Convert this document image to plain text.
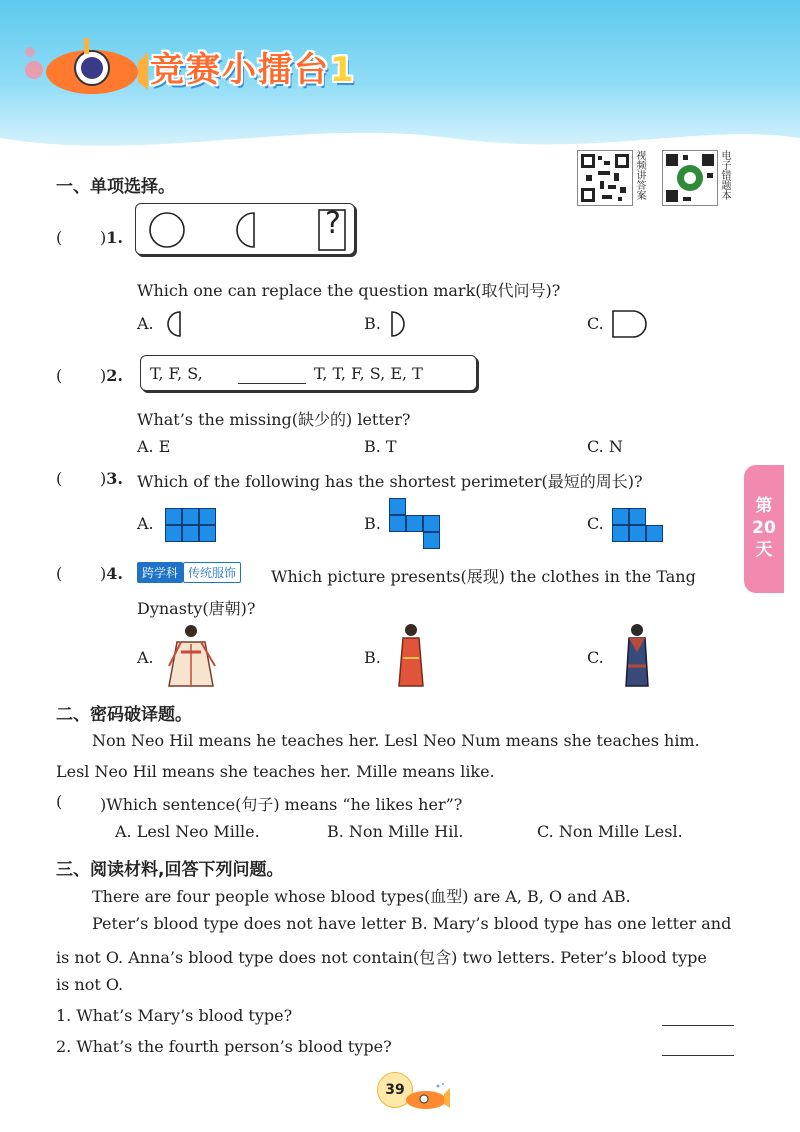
竞赛小擂台1
视频讲答案	电子错题本
第
20
天
一、单项选择。
( )1.	?
Which one can replace the question mark(取代问号)?
A.	B.	C.
( )2. T, F, S,	T, T, F, S, E, T
What’s the missing(缺少的) letter?
A. E	B. T	C. N
( )3. Which of the following has the shortest perimeter(最短的周长)?
A.	B.	C.
( )4.	跨学科 传统服饰	Which picture presents(展现) the clothes in the Tang
Dynasty(唐朝)?
A.	B.	C.
二、密码破译题。
Non Neo Hil means he teaches her. Lesl Neo Num means she teaches him.
Lesl Neo Hil means she teaches her. Mille means like.
( )Which sentence(句子) means “he likes her”?
A. Lesl Neo Mille.	B. Non Mille Hil.	C. Non Mille Lesl.
三、阅读材料,回答下列问题。
There are four people whose blood types(血型) are A, B, O and AB.
Peter’s blood type does not have letter B. Mary’s blood type has one letter and
is not O. Anna’s blood type does not contain(包含) two letters. Peter’s blood type
is not O.
1. What’s Mary’s blood type?
2. What’s the fourth person’s blood type?
39
